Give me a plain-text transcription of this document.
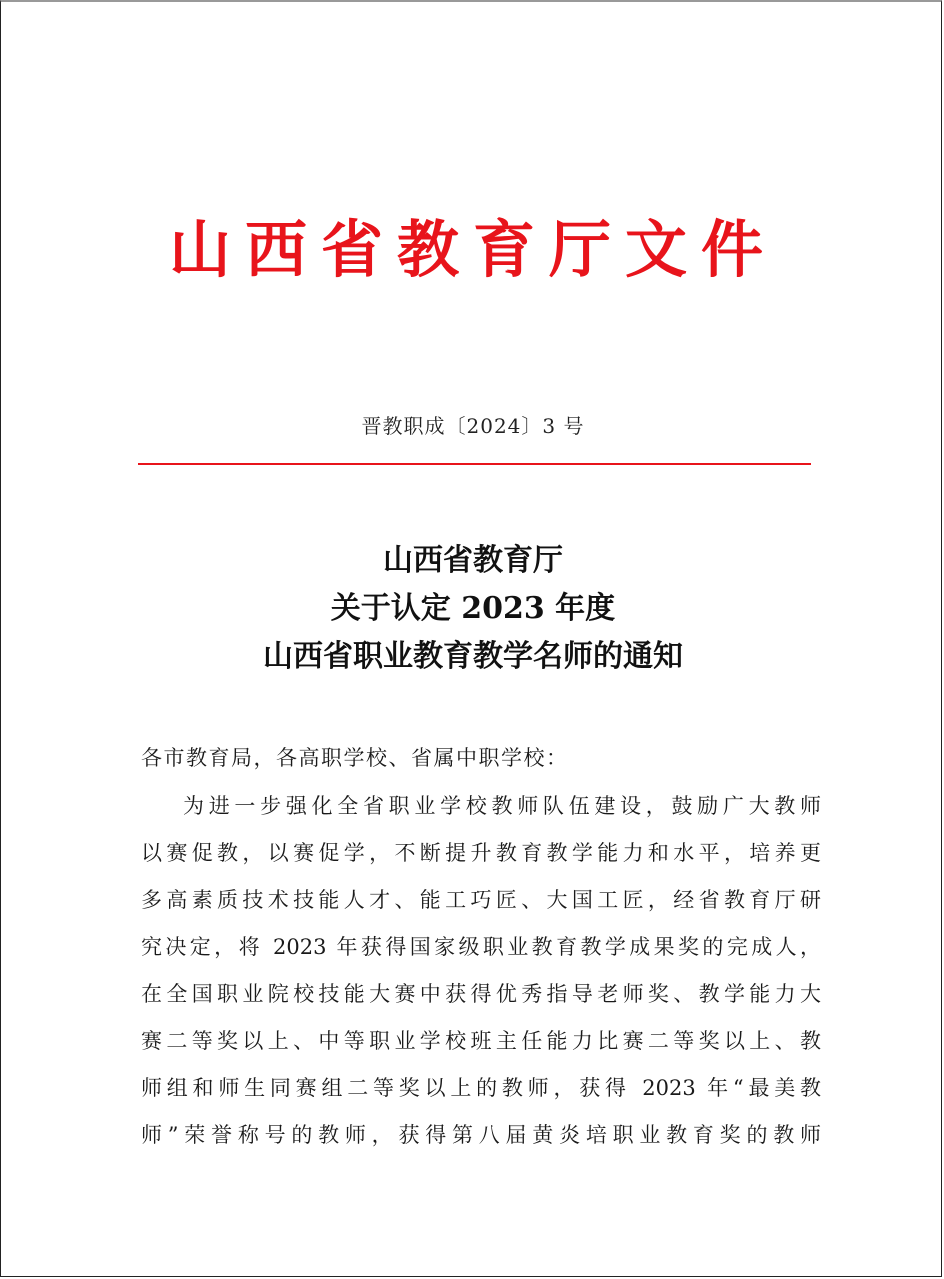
山西省教育厅文件
晋教职成〔2024〕3 号
山西省教育厅
关于认定 2023 年度
山西省职业教育教学名师的通知
各市教育局，各高职学校、省属中职学校：
为进一步强化全省职业学校教师队伍建设，鼓励广大教师
以赛促教，以赛促学，不断提升教育教学能力和水平，培养更
多高素质技术技能人才、能工巧匠、大国工匠，经省教育厅研
究决定，将 2023 年获得国家级职业教育教学成果奖的完成人，
在全国职业院校技能大赛中获得优秀指导老师奖、教学能力大
赛二等奖以上、中等职业学校班主任能力比赛二等奖以上、教
师组和师生同赛组二等奖以上的教师，获得 2023 年“最美教
师”荣誉称号的教师，获得第八届黄炎培职业教育奖的教师
